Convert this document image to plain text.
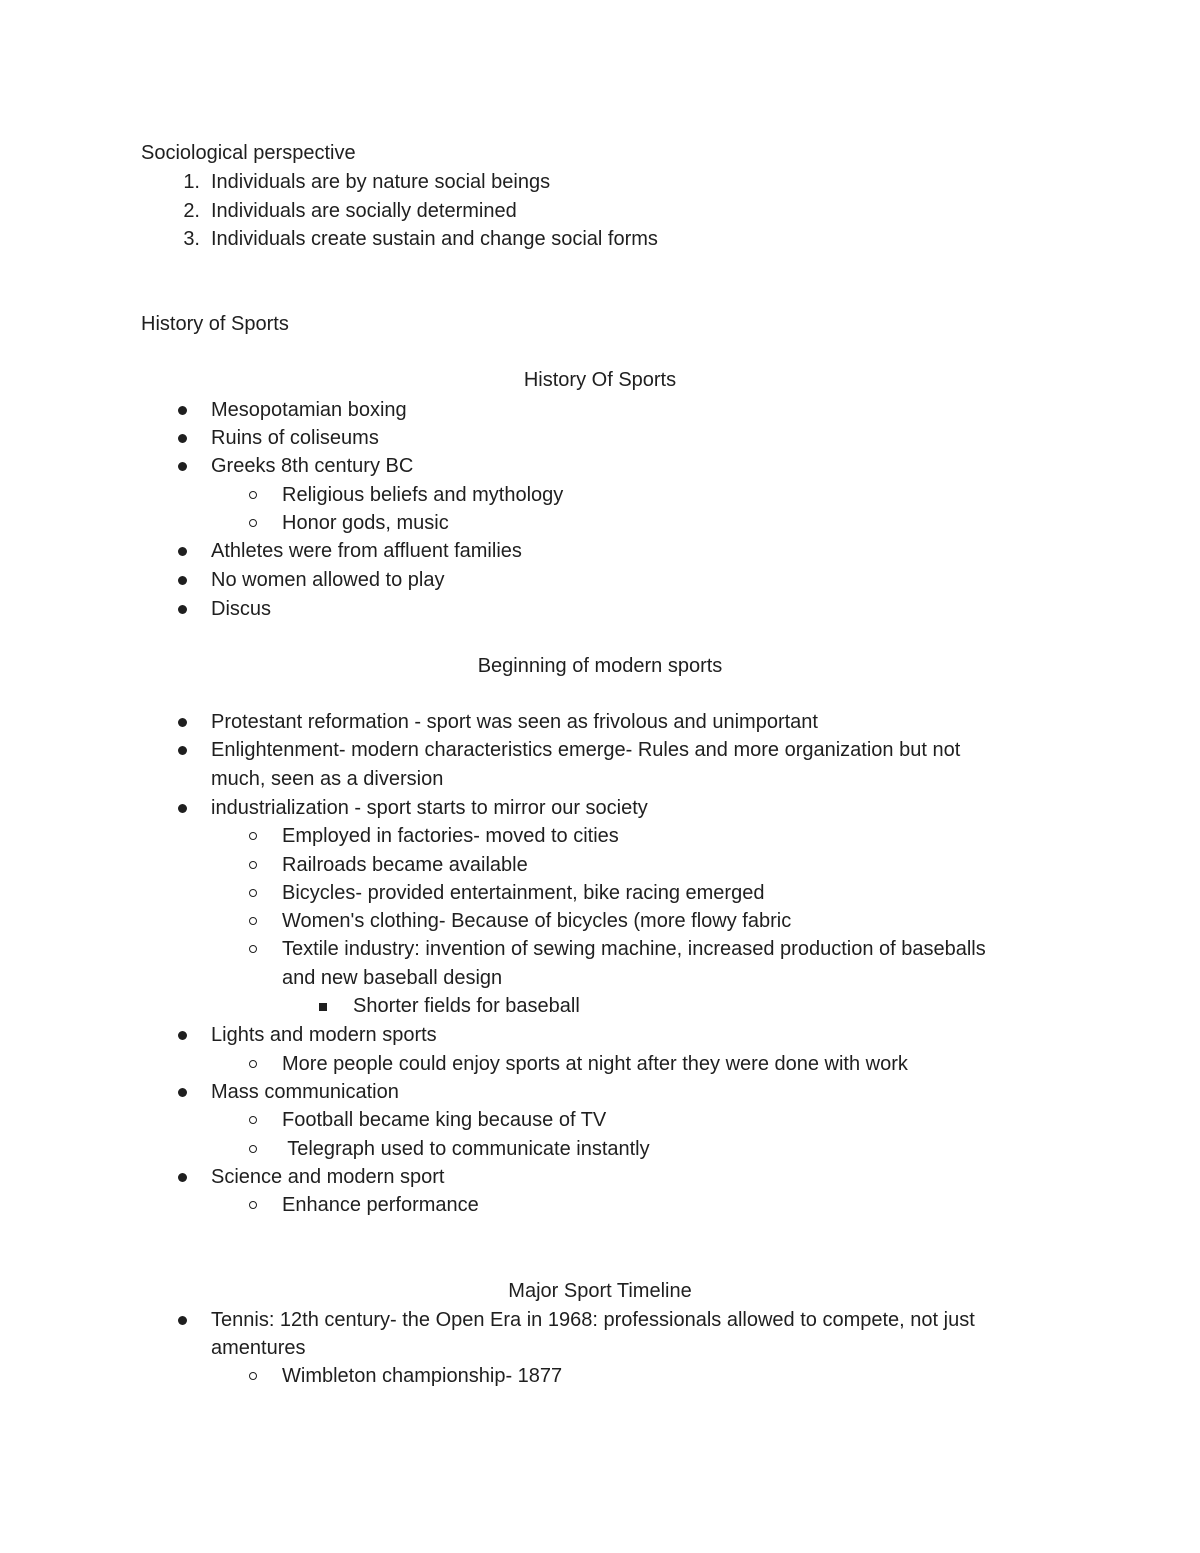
Sociological perspective
1. Individuals are by nature social beings
2. Individuals are socially determined
3. Individuals create sustain and change social forms
History of Sports
History Of Sports
Mesopotamian boxing
Ruins of coliseums
Greeks 8th century BC
Religious beliefs and mythology
Honor gods, music
Athletes were from affluent families
No women allowed to play
Discus
Beginning of modern sports
Protestant reformation - sport was seen as frivolous and unimportant
Enlightenment- modern characteristics emerge- Rules and more organization but not
much, seen as a diversion
industrialization - sport starts to mirror our society
Employed in factories- moved to cities
Railroads became available
Bicycles- provided entertainment, bike racing emerged
Women's clothing- Because of bicycles (more flowy fabric
Textile industry: invention of sewing machine, increased production of baseballs
and new baseball design
Shorter fields for baseball
Lights and modern sports
More people could enjoy sports at night after they were done with work
Mass communication
Football became king because of TV
Telegraph used to communicate instantly
Science and modern sport
Enhance performance
Major Sport Timeline
Tennis: 12th century- the Open Era in 1968: professionals allowed to compete, not just
amentures
Wimbleton championship- 1877
